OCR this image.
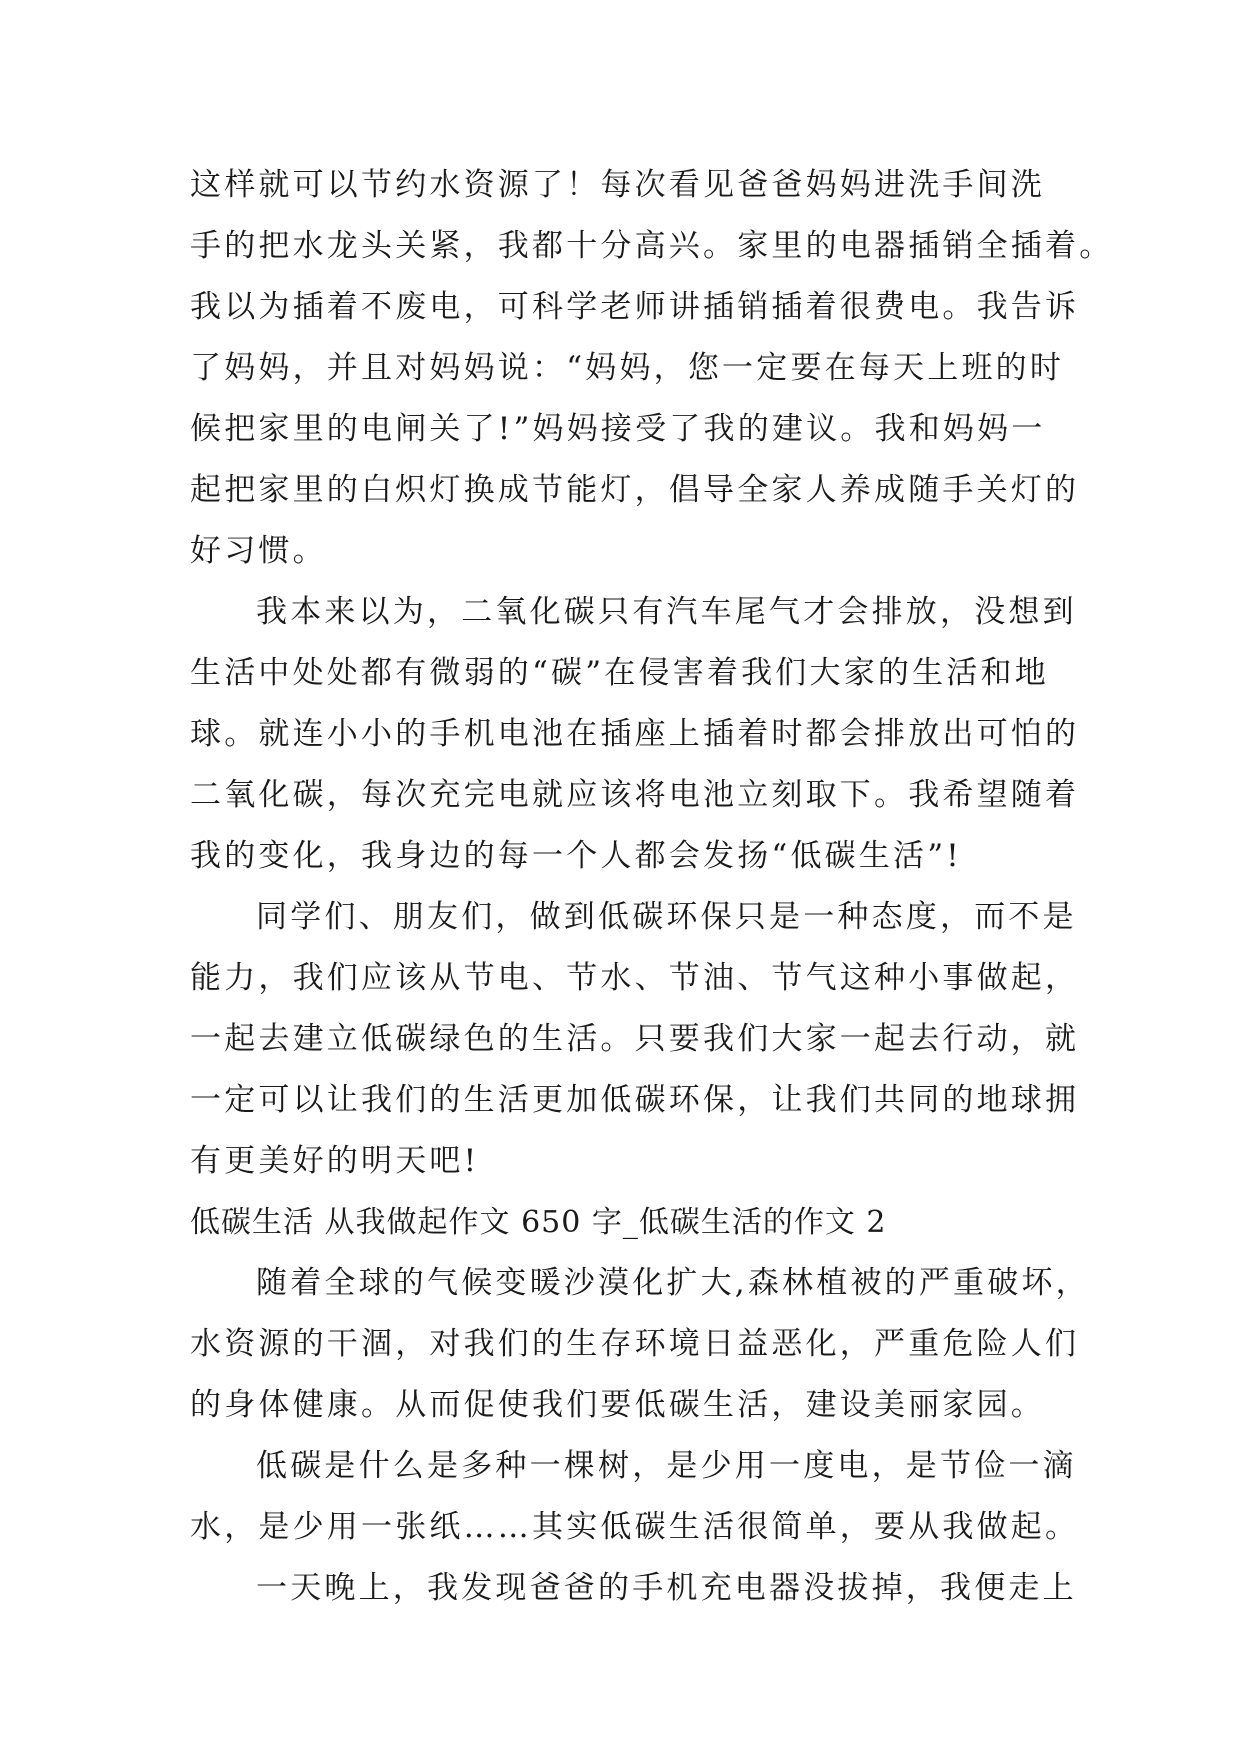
这样就可以节约水资源了！每次看见爸爸妈妈进洗手间洗
手的把水龙头关紧，我都十分高兴。家里的电器插销全插着。
我以为插着不废电，可科学老师讲插销插着很费电。我告诉
了妈妈，并且对妈妈说：“妈妈，您一定要在每天上班的时
候把家里的电闸关了!”妈妈接受了我的建议。我和妈妈一
起把家里的白炽灯换成节能灯，倡导全家人养成随手关灯的
好习惯。
我本来以为，二氧化碳只有汽车尾气才会排放，没想到
生活中处处都有微弱的“碳”在侵害着我们大家的生活和地
球。就连小小的手机电池在插座上插着时都会排放出可怕的
二氧化碳，每次充完电就应该将电池立刻取下。我希望随着
我的变化，我身边的每一个人都会发扬“低碳生活”!
同学们、朋友们，做到低碳环保只是一种态度，而不是
能力，我们应该从节电、节水、节油、节气这种小事做起，
一起去建立低碳绿色的生活。只要我们大家一起去行动，就
一定可以让我们的生活更加低碳环保，让我们共同的地球拥
有更美好的明天吧!
低碳生活 从我做起作文 650 字_低碳生活的作文 2
随着全球的气候变暖沙漠化扩大,森林植被的严重破坏，
水资源的干涸，对我们的生存环境日益恶化，严重危险人们
的身体健康。从而促使我们要低碳生活，建设美丽家园。
低碳是什么是多种一棵树，是少用一度电，是节俭一滴
水，是少用一张纸……其实低碳生活很简单，要从我做起。
一天晚上，我发现爸爸的手机充电器没拔掉，我便走上
